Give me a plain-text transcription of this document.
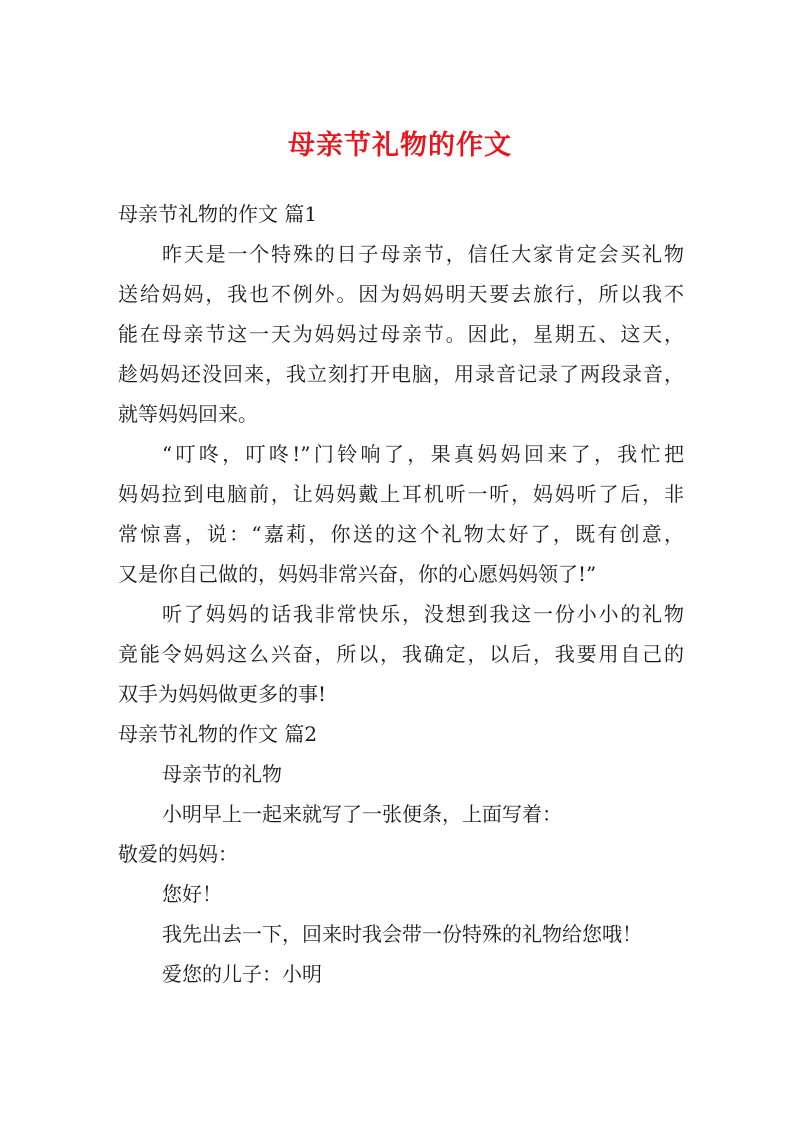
母亲节礼物的作文
母亲节礼物的作文 篇1
昨天是一个特殊的日子母亲节，信任大家肯定会买礼物
送给妈妈，我也不例外。因为妈妈明天要去旅行，所以我不
能在母亲节这一天为妈妈过母亲节。因此，星期五、这天，
趁妈妈还没回来，我立刻打开电脑，用录音记录了两段录音，
就等妈妈回来。
“叮咚，叮咚!”门铃响了，果真妈妈回来了，我忙把
妈妈拉到电脑前，让妈妈戴上耳机听一听，妈妈听了后，非
常惊喜，说：“嘉莉，你送的这个礼物太好了，既有创意，
又是你自己做的，妈妈非常兴奋，你的心愿妈妈领了!”
听了妈妈的话我非常快乐，没想到我这一份小小的礼物
竟能令妈妈这么兴奋，所以，我确定，以后，我要用自己的
双手为妈妈做更多的事!
母亲节礼物的作文 篇2
母亲节的礼物
小明早上一起来就写了一张便条，上面写着：
敬爱的妈妈：
您好！
我先出去一下，回来时我会带一份特殊的礼物给您哦！
爱您的儿子：小明
